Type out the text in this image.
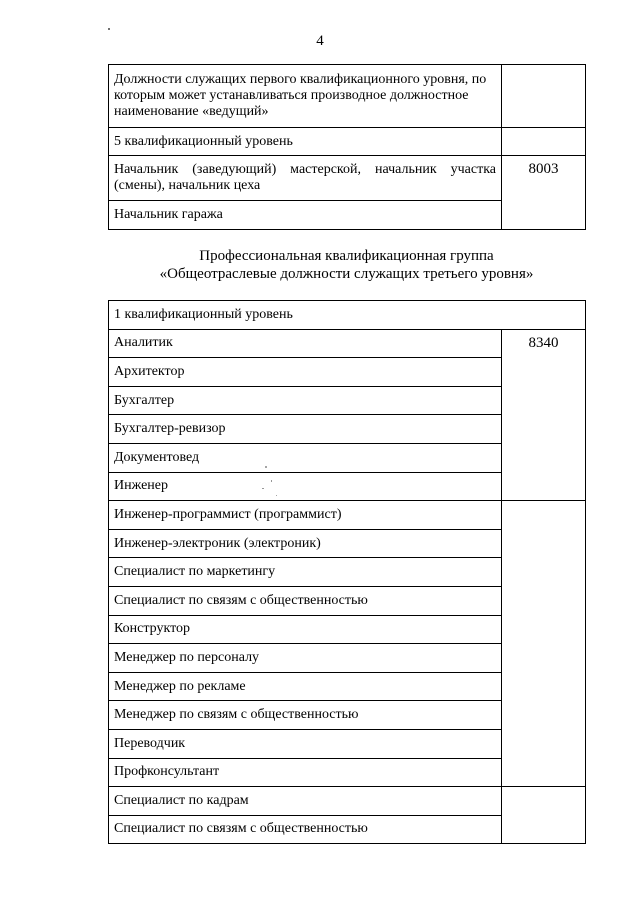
4
Должности служащих первого квалификационного уровня, по которым может устанавливаться производное должностное наименование «ведущий»	
5 квалификационный уровень	
Начальник (заведующий) мастерской, начальник участка (смены), начальник цеха	8003
Начальник гаража	
Профессиональная квалификационная группа
«Общеотраслевые должности служащих третьего уровня»
1 квалификационный уровень	
Аналитик	8340
Архитектор	
Бухгалтер	
Бухгалтер-ревизор	
Документовед	
Инженер	
Инженер-программист (программист)	
Инженер-электроник (электроник)	
Специалист по маркетингу	
Специалист по связям с общественностью	
Конструктор	
Менеджер по персоналу	
Менеджер по рекламе	
Менеджер по связям с общественностью	
Переводчик	
Профконсультант	
Специалист по кадрам	
Специалист по связям с общественностью	
